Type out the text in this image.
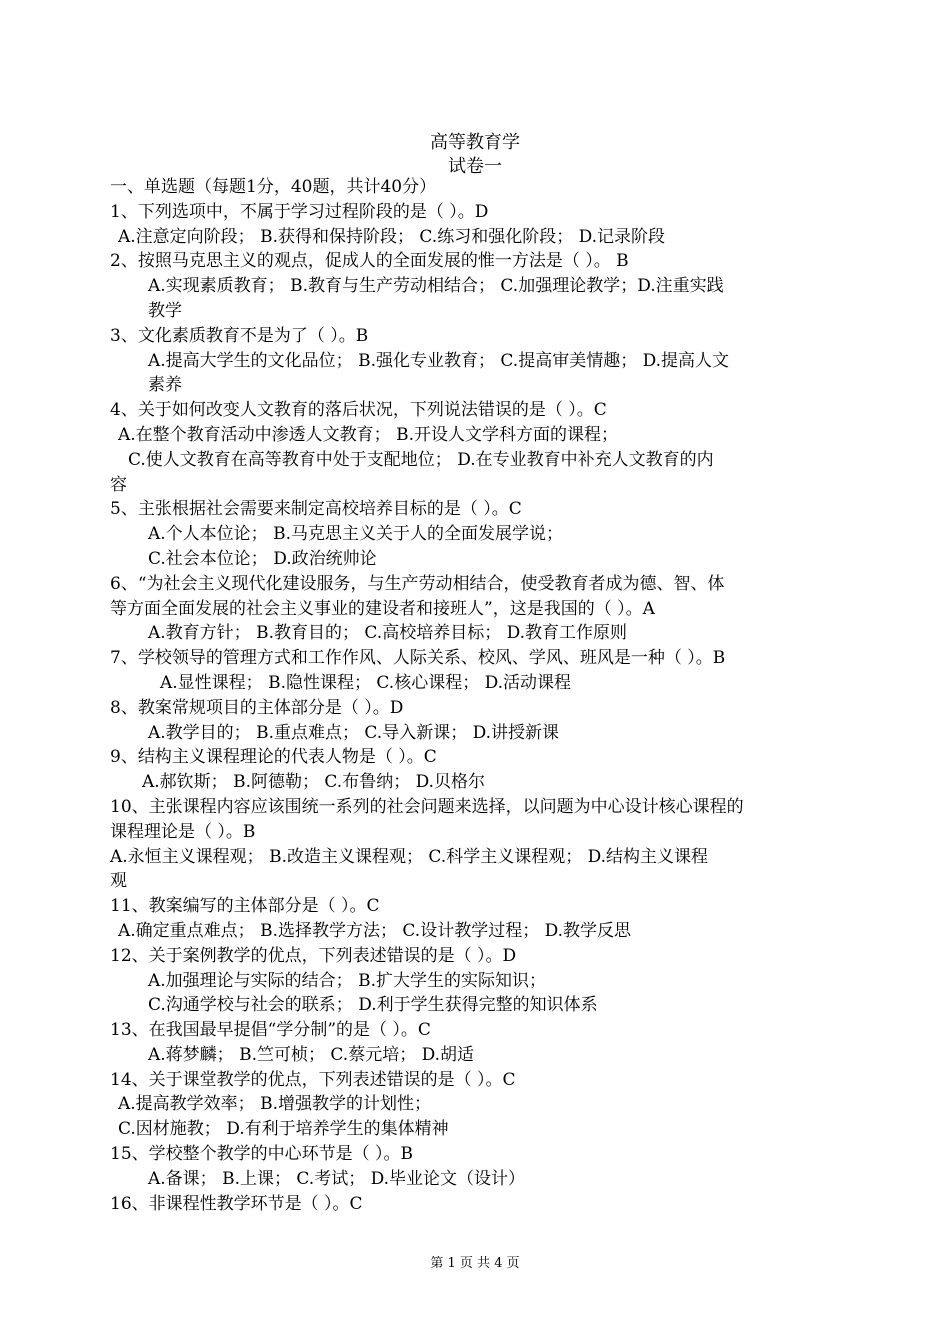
高等教育学
试卷一
一、单选题（每题1分，40题，共计40分）
1、下列选项中，不属于学习过程阶段的是（ ）。D
A.注意定向阶段； B.获得和保持阶段； C.练习和强化阶段； D.记录阶段
2、按照马克思主义的观点，促成人的全面发展的惟一方法是（ ）。 B
A.实现素质教育； B.教育与生产劳动相结合； C.加强理论教学；D.注重实践
教学
3、文化素质教育不是为了（ ）。B
A.提高大学生的文化品位； B.强化专业教育； C.提高审美情趣； D.提高人文
素养
4、关于如何改变人文教育的落后状况，下列说法错误的是（ ）。C
A.在整个教育活动中渗透人文教育； B.开设人文学科方面的课程；
C.使人文教育在高等教育中处于支配地位； D.在专业教育中补充人文教育的内
容
5、主张根据社会需要来制定高校培养目标的是（ ）。C
A.个人本位论； B.马克思主义关于人的全面发展学说；
C.社会本位论； D.政治统帅论
6、“为社会主义现代化建设服务，与生产劳动相结合，使受教育者成为德、智、体
等方面全面发展的社会主义事业的建设者和接班人”，这是我国的（ ）。A
A.教育方针； B.教育目的； C.高校培养目标； D.教育工作原则
7、学校领导的管理方式和工作作风、人际关系、校风、学风、班风是一种（ ）。B
A.显性课程； B.隐性课程； C.核心课程； D.活动课程
8、教案常规项目的主体部分是（ ）。D
A.教学目的； B.重点难点； C.导入新课； D.讲授新课
9、结构主义课程理论的代表人物是（ ）。C
A.郝钦斯； B.阿德勒； C.布鲁纳； D.贝格尔
10、主张课程内容应该围统一系列的社会问题来选择，以问题为中心设计核心课程的
课程理论是（ ）。B
A.永恒主义课程观； B.改造主义课程观； C.科学主义课程观； D.结构主义课程
观
11、教案编写的主体部分是（ ）。C
A.确定重点难点； B.选择教学方法； C.设计教学过程； D.教学反思
12、关于案例教学的优点，下列表述错误的是（ ）。D
A.加强理论与实际的结合； B.扩大学生的实际知识；
C.沟通学校与社会的联系； D.利于学生获得完整的知识体系
13、在我国最早提倡“学分制”的是（ ）。C
A.蒋梦麟； B.竺可桢； C.蔡元培； D.胡适
14、关于课堂教学的优点，下列表述错误的是（ ）。C
A.提高教学效率； B.增强教学的计划性；
C.因材施教； D.有利于培养学生的集体精神
15、学校整个教学的中心环节是（ ）。B
A.备课； B.上课； C.考试； D.毕业论文（设计）
16、非课程性教学环节是（ ）。C
第 1 页 共 4 页
